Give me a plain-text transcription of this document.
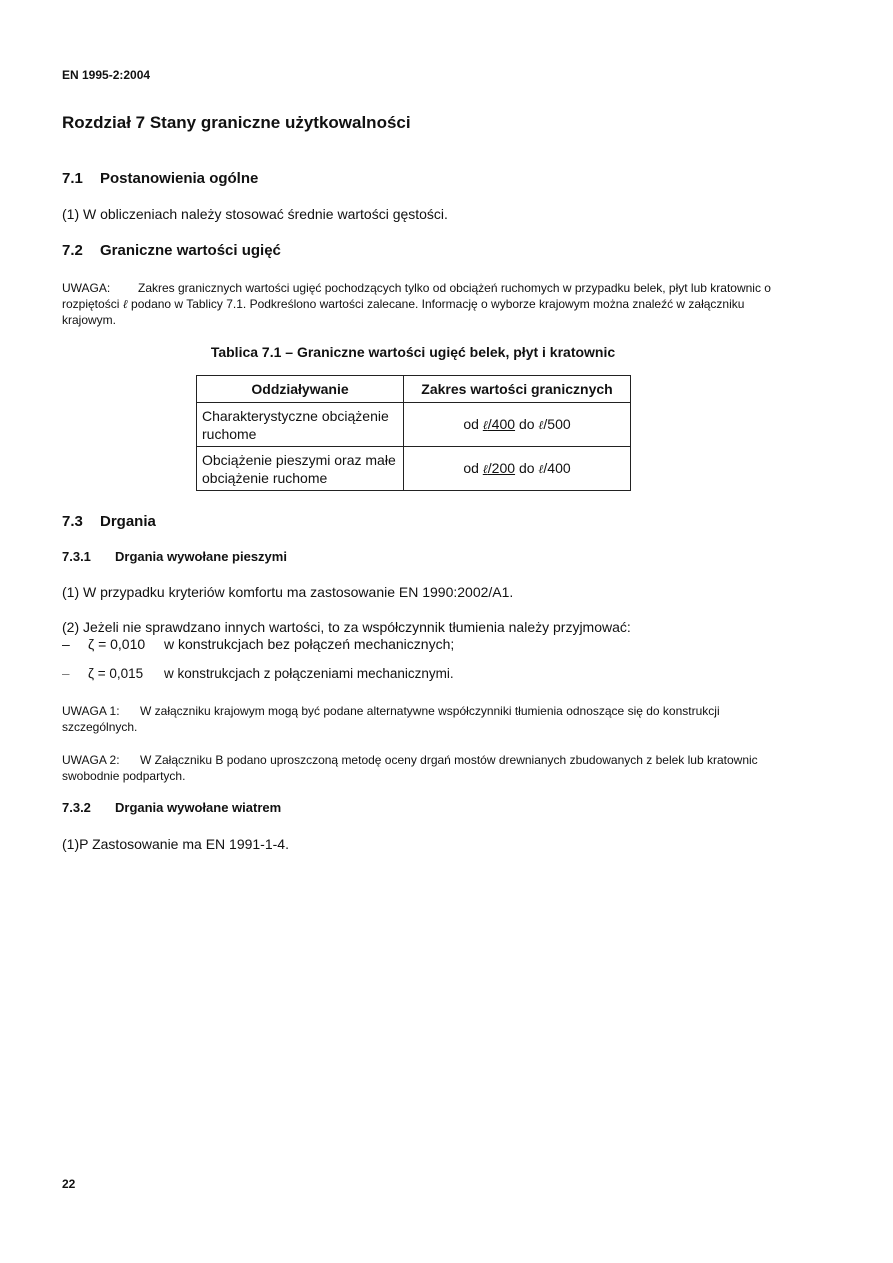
EN 1995-2:2004
Rozdział 7 Stany graniczne użytkowalności
7.1 Postanowienia ogólne
(1) W obliczeniach należy stosować średnie wartości gęstości.
7.2 Graniczne wartości ugięć
UWAGA: Zakres granicznych wartości ugięć pochodzących tylko od obciążeń ruchomych w przypadku belek, płyt lub kratownic o rozpiętości ℓ podano w Tablicy 7.1. Podkreślono wartości zalecane. Informację o wyborze krajowym można znaleźć w załączniku krajowym.
Tablica 7.1 – Graniczne wartości ugięć belek, płyt i kratownic
Oddziaływanie	Zakres wartości granicznych
Charakterystyczne obciążenie ruchome	od ℓ/400 do ℓ/500
Obciążenie pieszymi oraz małe obciążenie ruchome	od ℓ/200 do ℓ/400
7.3 Drgania
7.3.1 Drgania wywołane pieszymi
(1) W przypadku kryteriów komfortu ma zastosowanie EN 1990:2002/A1.
(2) Jeżeli nie sprawdzano innych wartości, to za współczynnik tłumienia należy przyjmować:
– ζ = 0,010 w konstrukcjach bez połączeń mechanicznych;
– ζ = 0,015 w konstrukcjach z połączeniami mechanicznymi.
UWAGA 1: W załączniku krajowym mogą być podane alternatywne współczynniki tłumienia odnoszące się do konstrukcji szczególnych.
UWAGA 2: W Załączniku B podano uproszczoną metodę oceny drgań mostów drewnianych zbudowanych z belek lub kratownic swobodnie podpartych.
7.3.2 Drgania wywołane wiatrem
(1)P Zastosowanie ma EN 1991-1-4.
22
